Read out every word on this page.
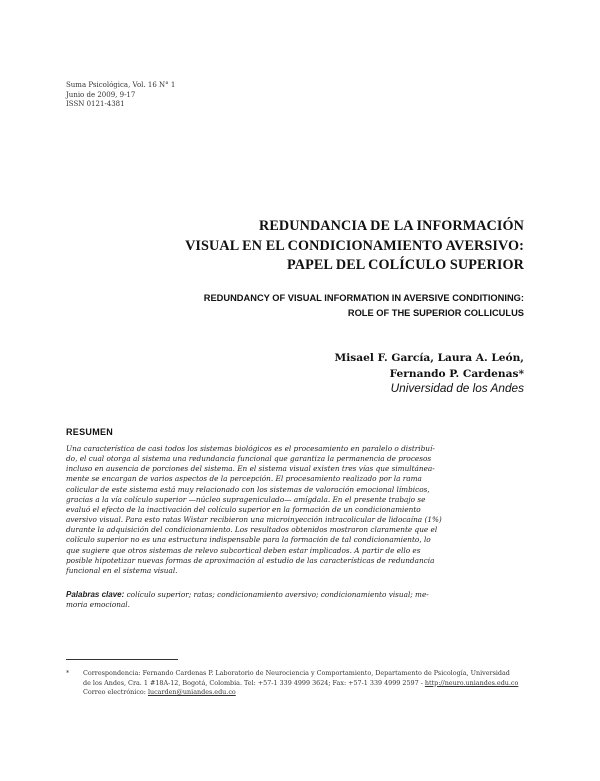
Suma Psicológica, Vol. 16 N° 1
Junio de 2009, 9-17
ISSN 0121-4381
REDUNDANCIA DE LA INFORMACIÓN
VISUAL EN EL CONDICIONAMIENTO AVERSIVO:
PAPEL DEL COLÍCULO SUPERIOR
REDUNDANCY OF VISUAL INFORMATION IN AVERSIVE CONDITIONING:
ROLE OF THE SUPERIOR COLLICULUS
Misael F. García, Laura A. León,
Fernando P. Cardenas*
Universidad de los Andes
RESUMEN
Una característica de casi todos los sistemas biológicos es el procesamiento en paralelo o distribuí-
do, el cual otorga al sistema una redundancia funcional que garantiza la permanencia de procesos
incluso en ausencia de porciones del sistema. En el sistema visual existen tres vías que simultánea-
mente se encargan de varios aspectos de la percepción. El procesamiento realizado por la rama
colicular de este sistema está muy relacionado con los sistemas de valoración emocional límbicos,
gracias a la vía colículo superior —núcleo suprageniculado— amígdala. En el presente trabajo se
evaluó el efecto de la inactivación del colículo superior en la formación de un condicionamiento
aversivo visual. Para esto ratas Wistar recibieron una microinyección intracolicular de lidocaína (1%)
durante la adquisición del condicionamiento. Los resultados obtenidos mostraron claramente que el
colículo superior no es una estructura indispensable para la formación de tal condicionamiento, lo
que sugiere que otros sistemas de relevo subcortical deben estar implicados. A partir de ello es
posible hipotetizar nuevas formas de aproximación al estudio de las características de redundancia
funcional en el sistema visual.
Palabras clave: colículo superior; ratas; condicionamiento aversivo; condicionamiento visual; me-
moria emocional.
* Correspondencia: Fernando Cardenas P. Laboratorio de Neurociencia y Comportamiento, Departamento de Psicología, Universidad
de los Andes, Cra. 1 #18A-12, Bogotá, Colombia. Tel: +57-1 339 4999 3624; Fax: +57-1 339 4999 2597 - http://neuro.uniandes.edu.co
Correo electrónico: lucarden@uniandes.edu.co
